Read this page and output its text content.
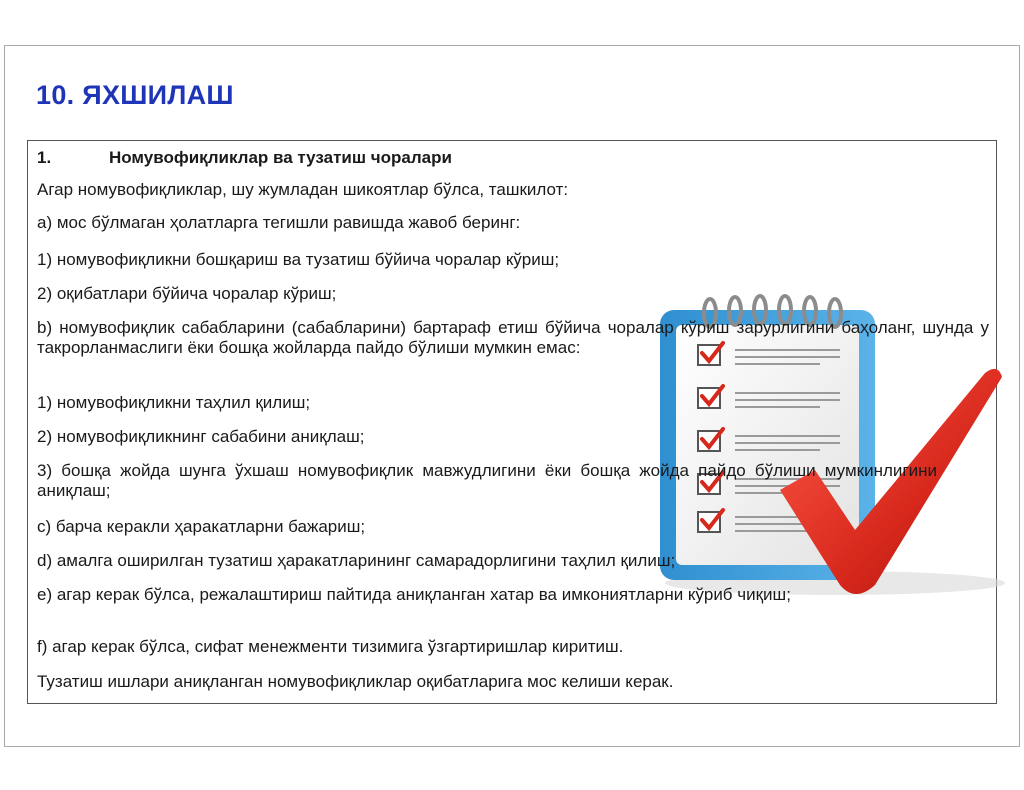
10. ЯХШИЛАШ
1.	Номувофиқликлар ва тузатиш чоралари
Агар номувофиқликлар, шу жумладан шикоятлар бўлса, ташкилот:
а) мос бўлмаган ҳолатларга тегишли равишда жавоб беринг:
1) номувофиқликни бошқариш ва тузатиш бўйича чоралар кўриш;
2) оқибатлари бўйича чоралар кўриш;
b) номувофиқлик сабабларини (сабабларини) бартараф етиш бўйича чоралар кўриш зарурлигини баҳоланг, шунда у такрорланмаслиги ёки бошқа жойларда пайдо бўлиши мумкин емас:
1) номувофиқликни таҳлил қилиш;
2) номувофиқликнинг сабабини аниқлаш;
3) бошқа жойда шунга ўхшаш номувофиқлик мавжудлигини ёки бошқа жойда пайдо бўлиши мумкинлигини аниқлаш;
c) барча керакли ҳаракатларни бажариш;
d) амалга оширилган тузатиш ҳаракатларининг самарадорлигини таҳлил қилиш;
e) агар керак бўлса, режалаштириш пайтида аниқланган хатар ва имкониятларни кўриб чиқиш;
f) агар керак бўлса, сифат менежменти тизимига ўзгартиришлар киритиш.
Тузатиш ишлари аниқланган номувофиқликлар оқибатларига мос келиши керак.
